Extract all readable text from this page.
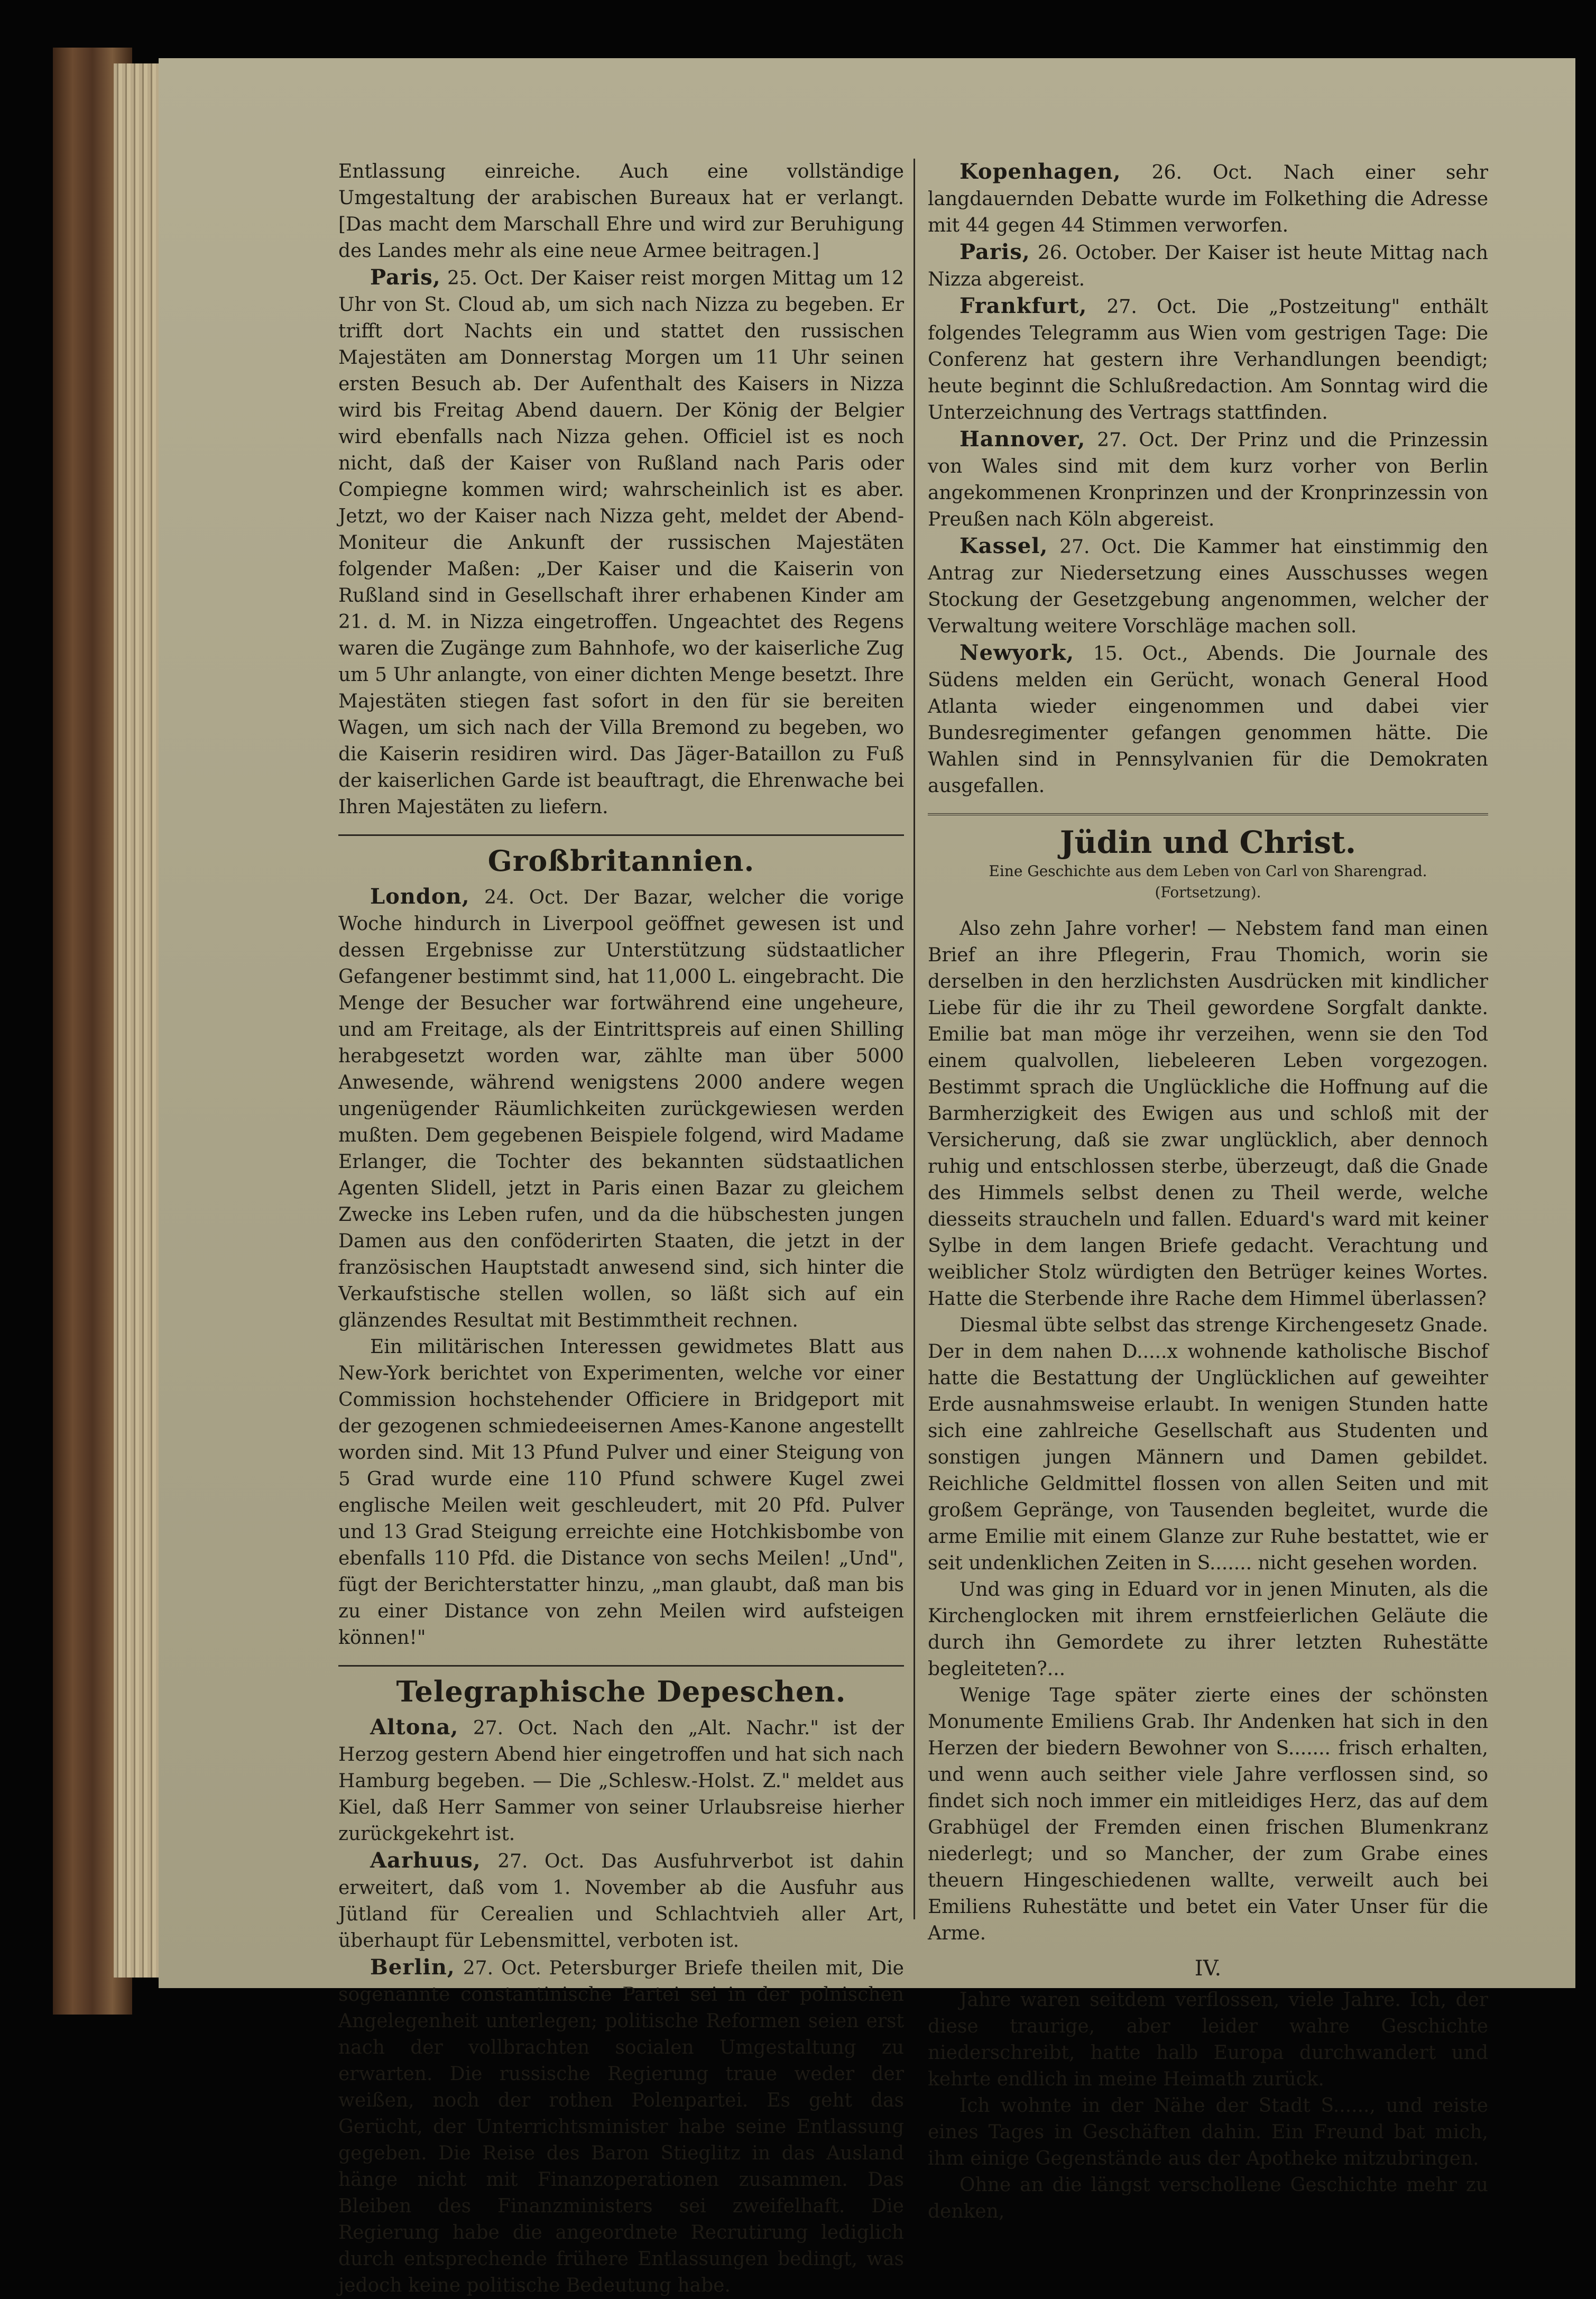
Entlassung einreiche. Auch eine vollständige Umgestaltung der arabischen Bureaux hat er verlangt. [Das macht dem Marschall Ehre und wird zur Beruhigung des Landes mehr als eine neue Armee beitragen.]

Paris, 25. Oct. Der Kaiser reist morgen Mittag um 12 Uhr von St. Cloud ab, um sich nach Nizza zu begeben. Er trifft dort Nachts ein und stattet den russischen Majestäten am Donnerstag Morgen um 11 Uhr seinen ersten Besuch ab. Der Aufenthalt des Kaisers in Nizza wird bis Freitag Abend dauern. Der König der Belgier wird ebenfalls nach Nizza gehen. Officiel ist es noch nicht, daß der Kaiser von Rußland nach Paris oder Compiegne kommen wird; wahrscheinlich ist es aber. Jetzt, wo der Kaiser nach Nizza geht, meldet der Abend-Moniteur die Ankunft der russischen Majestäten folgender Maßen: „Der Kaiser und die Kaiserin von Rußland sind in Gesellschaft ihrer erhabenen Kinder am 21. d. M. in Nizza eingetroffen. Ungeachtet des Regens waren die Zugänge zum Bahnhofe, wo der kaiserliche Zug um 5 Uhr anlangte, von einer dichten Menge besetzt. Ihre Majestäten stiegen fast sofort in den für sie bereiten Wagen, um sich nach der Villa Bremond zu begeben, wo die Kaiserin residiren wird. Das Jäger-Bataillon zu Fuß der kaiserlichen Garde ist beauftragt, die Ehrenwache bei Ihren Majestäten zu liefern.

Großbritannien.

London, 24. Oct. Der Bazar, welcher die vorige Woche hindurch in Liverpool geöffnet gewesen ist und dessen Ergebnisse zur Unterstützung südstaatlicher Gefangener bestimmt sind, hat 11,000 L. eingebracht. Die Menge der Besucher war fortwährend eine ungeheure, und am Freitage, als der Eintrittspreis auf einen Shilling herabgesetzt worden war, zählte man über 5000 Anwesende, während wenigstens 2000 andere wegen ungenügender Räumlichkeiten zurückgewiesen werden mußten. Dem gegebenen Beispiele folgend, wird Madame Erlanger, die Tochter des bekannten südstaatlichen Agenten Slidell, jetzt in Paris einen Bazar zu gleichem Zwecke ins Leben rufen, und da die hübschesten jungen Damen aus den conföderirten Staaten, die jetzt in der französischen Hauptstadt anwesend sind, sich hinter die Verkaufstische stellen wollen, so läßt sich auf ein glänzendes Resultat mit Bestimmtheit rechnen.

Ein militärischen Interessen gewidmetes Blatt aus New-York berichtet von Experimenten, welche vor einer Commission hochstehender Officiere in Bridgeport mit der gezogenen schmiedeeisernen Ames-Kanone angestellt worden sind. Mit 13 Pfund Pulver und einer Steigung von 5 Grad wurde eine 110 Pfund schwere Kugel zwei englische Meilen weit geschleudert, mit 20 Pfd. Pulver und 13 Grad Steigung erreichte eine Hotchkisbombe von ebenfalls 110 Pfd. die Distance von sechs Meilen! „Und", fügt der Berichterstatter hinzu, „man glaubt, daß man bis zu einer Distance von zehn Meilen wird aufsteigen können!"

Telegraphische Depeschen.

Altona, 27. Oct. Nach den „Alt. Nachr." ist der Herzog gestern Abend hier eingetroffen und hat sich nach Hamburg begeben. — Die „Schlesw.-Holst. Z." meldet aus Kiel, daß Herr Sammer von seiner Urlaubsreise hierher zurückgekehrt ist.

Aarhuus, 27. Oct. Das Ausfuhrverbot ist dahin erweitert, daß vom 1. November ab die Ausfuhr aus Jütland für Cerealien und Schlachtvieh aller Art, überhaupt für Lebensmittel, verboten ist.

Berlin, 27. Oct. Petersburger Briefe theilen mit, Die sogenannte constantinische Partei sei in der polnischen Angelegenheit unterlegen; politische Reformen seien erst nach der vollbrachten socialen Umgestaltung zu erwarten. Die russische Regierung traue weder der weißen, noch der rothen Polenpartei. Es geht das Gerücht, der Unterrichtsminister habe seine Entlassung gegeben. Die Reise des Baron Stieglitz in das Ausland hänge nicht mit Finanzoperationen zusammen. Das Bleiben des Finanzministers sei zweifelhaft. Die Regierung habe die angeordnete Recrutirung lediglich durch entsprechende frühere Entlassungen bedingt, was jedoch keine politische Bedeutung habe.

Kopenhagen, 26. Oct. Nach einer sehr langdauernden Debatte wurde im Folkething die Adresse mit 44 gegen 44 Stimmen verworfen.

Paris, 26. October. Der Kaiser ist heute Mittag nach Nizza abgereist.

Frankfurt, 27. Oct. Die „Postzeitung" enthält folgendes Telegramm aus Wien vom gestrigen Tage: Die Conferenz hat gestern ihre Verhandlungen beendigt; heute beginnt die Schlußredaction. Am Sonntag wird die Unterzeichnung des Vertrags stattfinden.

Hannover, 27. Oct. Der Prinz und die Prinzessin von Wales sind mit dem kurz vorher von Berlin angekommenen Kronprinzen und der Kronprinzessin von Preußen nach Köln abgereist.

Kassel, 27. Oct. Die Kammer hat einstimmig den Antrag zur Niedersetzung eines Ausschusses wegen Stockung der Gesetzgebung angenommen, welcher der Verwaltung weitere Vorschläge machen soll.

Newyork, 15. Oct., Abends. Die Journale des Südens melden ein Gerücht, wonach General Hood Atlanta wieder eingenommen und dabei vier Bundesregimenter gefangen genommen hätte. Die Wahlen sind in Pennsylvanien für die Demokraten ausgefallen.

Jüdin und Christ.
Eine Geschichte aus dem Leben von Carl von Sharengrad.
(Fortsetzung).

Also zehn Jahre vorher! — Nebstem fand man einen Brief an ihre Pflegerin, Frau Thomich, worin sie derselben in den herzlichsten Ausdrücken mit kindlicher Liebe für die ihr zu Theil gewordene Sorgfalt dankte. Emilie bat man möge ihr verzeihen, wenn sie den Tod einem qualvollen, liebeleeren Leben vorgezogen. Bestimmt sprach die Unglückliche die Hoffnung auf die Barmherzigkeit des Ewigen aus und schloß mit der Versicherung, daß sie zwar unglücklich, aber dennoch ruhig und entschlossen sterbe, überzeugt, daß die Gnade des Himmels selbst denen zu Theil werde, welche diesseits straucheln und fallen. Eduard's ward mit keiner Sylbe in dem langen Briefe gedacht. Verachtung und weiblicher Stolz würdigten den Betrüger keines Wortes. Hatte die Sterbende ihre Rache dem Himmel überlassen?

Diesmal übte selbst das strenge Kirchengesetz Gnade. Der in dem nahen D.....x wohnende katholische Bischof hatte die Bestattung der Unglücklichen auf geweihter Erde ausnahmsweise erlaubt. In wenigen Stunden hatte sich eine zahlreiche Gesellschaft aus Studenten und sonstigen jungen Männern und Damen gebildet. Reichliche Geldmittel flossen von allen Seiten und mit großem Gepränge, von Tausenden begleitet, wurde die arme Emilie mit einem Glanze zur Ruhe bestattet, wie er seit undenklichen Zeiten in S....... nicht gesehen worden.

Und was ging in Eduard vor in jenen Minuten, als die Kirchenglocken mit ihrem ernstfeierlichen Geläute die durch ihn Gemordete zu ihrer letzten Ruhestätte begleiteten?...

Wenige Tage später zierte eines der schönsten Monumente Emiliens Grab. Ihr Andenken hat sich in den Herzen der biedern Bewohner von S....... frisch erhalten, und wenn auch seither viele Jahre verflossen sind, so findet sich noch immer ein mitleidiges Herz, das auf dem Grabhügel der Fremden einen frischen Blumenkranz niederlegt; und so Mancher, der zum Grabe eines theuern Hingeschiedenen wallte, verweilt auch bei Emiliens Ruhestätte und betet ein Vater Unser für die Arme.

IV.

Jahre waren seitdem verflossen, viele Jahre. Ich, der diese traurige, aber leider wahre Geschichte niederschreibt, hatte halb Europa durchwandert und kehrte endlich in meine Heimath zurück.

Ich wohnte in der Nähe der Stadt S......, und reiste eines Tages in Geschäften dahin. Ein Freund bat mich, ihm einige Gegenstände aus der Apotheke mitzubringen.

Ohne an die längst verschollene Geschichte mehr zu denken,
